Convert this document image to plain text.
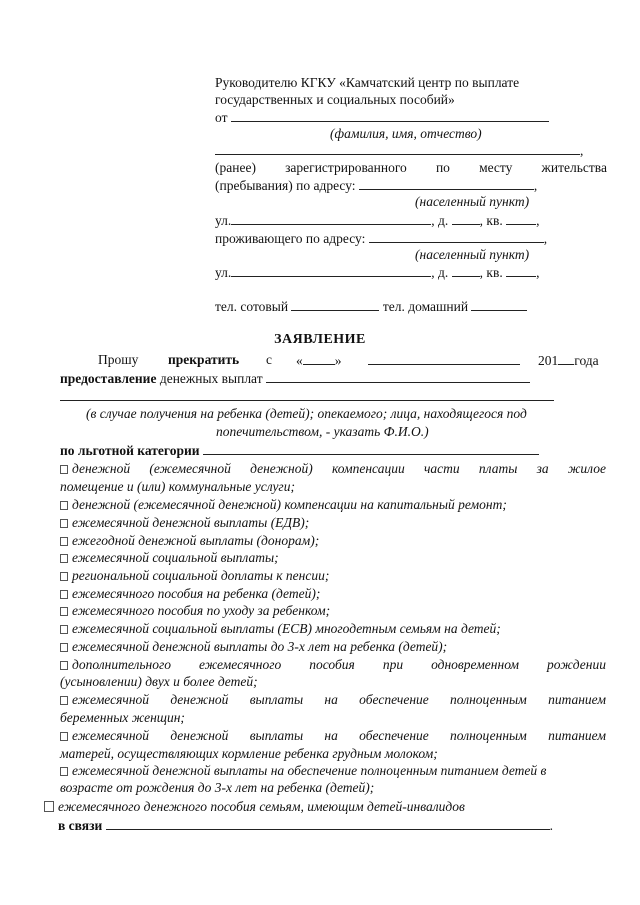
Руководителю КГКУ «Камчатский центр по выплате
государственных и социальных пособий»
от
(фамилия, имя, отчество)
,
(ранее) зарегистрированного по месту жительства
(пребывания) по адресу:	,
(населенный пункт)
ул.	, д. , кв. ,
проживающего по адресу:	,
(населенный пункт)
ул.	, д. , кв. ,
тел. сотовый	тел. домашний
ЗАЯВЛЕНИЕ
Прошу прекратить с « »	201 года
предоставление денежных выплат
(в случае получения на ребенка (детей); опекаемого; лица, находящегося под
попечительством, - указать Ф.И.О.)
по льготной категории
денежной (ежемесячной денежной) компенсации части платы за жилое
помещение и (или) коммунальные услуги;
денежной (ежемесячной денежной) компенсации на капитальный ремонт;
ежемесячной денежной выплаты (ЕДВ);
ежегодной денежной выплаты (донорам);
ежемесячной социальной выплаты;
региональной социальной доплаты к пенсии;
ежемесячного пособия на ребенка (детей);
ежемесячного пособия по уходу за ребенком;
ежемесячной социальной выплаты (ЕСВ) многодетным семьям на детей;
ежемесячной денежной выплаты до 3-х лет на ребенка (детей);
дополнительного ежемесячного пособия при одновременном рождении
(усыновлении) двух и более детей;
ежемесячной денежной выплаты на обеспечение полноценным питанием
беременных женщин;
ежемесячной денежной выплаты на обеспечение полноценным питанием
матерей, осуществляющих кормление ребенка грудным молоком;
ежемесячной денежной выплаты на обеспечение полноценным питанием детей в
возрасте от рождения до 3-х лет на ребенка (детей);
ежемесячного денежного пособия семьям, имеющим детей-инвалидов
в связи	.
